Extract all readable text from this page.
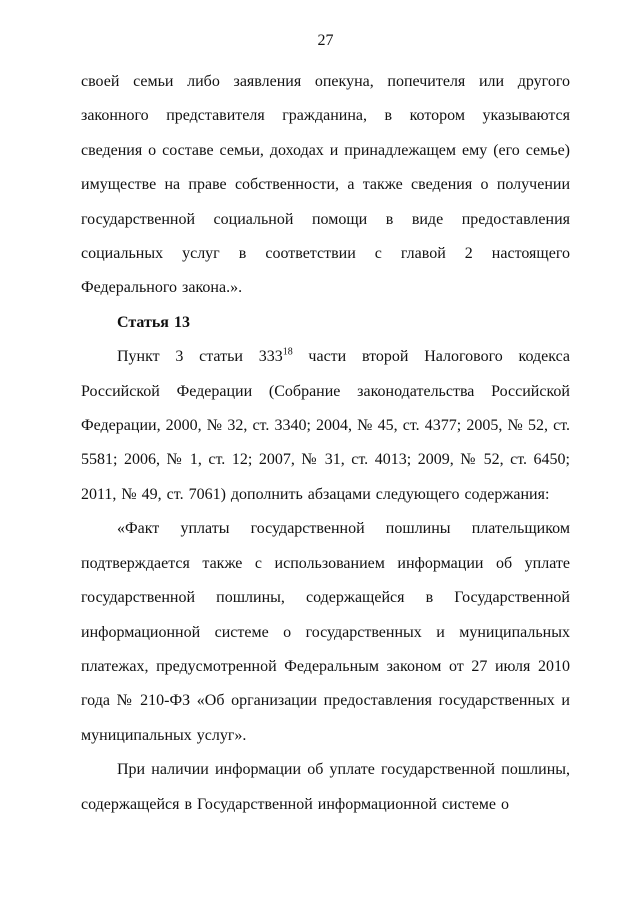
27

своей семьи либо заявления опекуна, попечителя или другого законного представителя гражданина, в котором указываются сведения о составе семьи, доходах и принадлежащем ему (его семье) имуществе на праве собственности, а также сведения о получении государственной социальной помощи в виде предоставления социальных услуг в соответствии с главой 2 настоящего Федерального закона.».

Статья 13

Пункт 3 статьи $333^{18}$ части второй Налогового кодекса Российской Федерации (Собрание законодательства Российской Федерации, 2000, № 32, ст. 3340; 2004, № 45, ст. 4377; 2005, № 52, ст. 5581; 2006, № 1, ст. 12; 2007, № 31, ст. 4013; 2009, № 52, ст. 6450; 2011, № 49, ст. 7061) дополнить абзацами следующего содержания:

«Факт уплаты государственной пошлины плательщиком подтверждается также с использованием информации об уплате государственной пошлины, содержащейся в Государственной информационной системе о государственных и муниципальных платежах, предусмотренной Федеральным законом от 27 июля 2010 года № 210-ФЗ «Об организации предоставления государственных и муниципальных услуг».

При наличии информации об уплате государственной пошлины, содержащейся в Государственной информационной системе о
